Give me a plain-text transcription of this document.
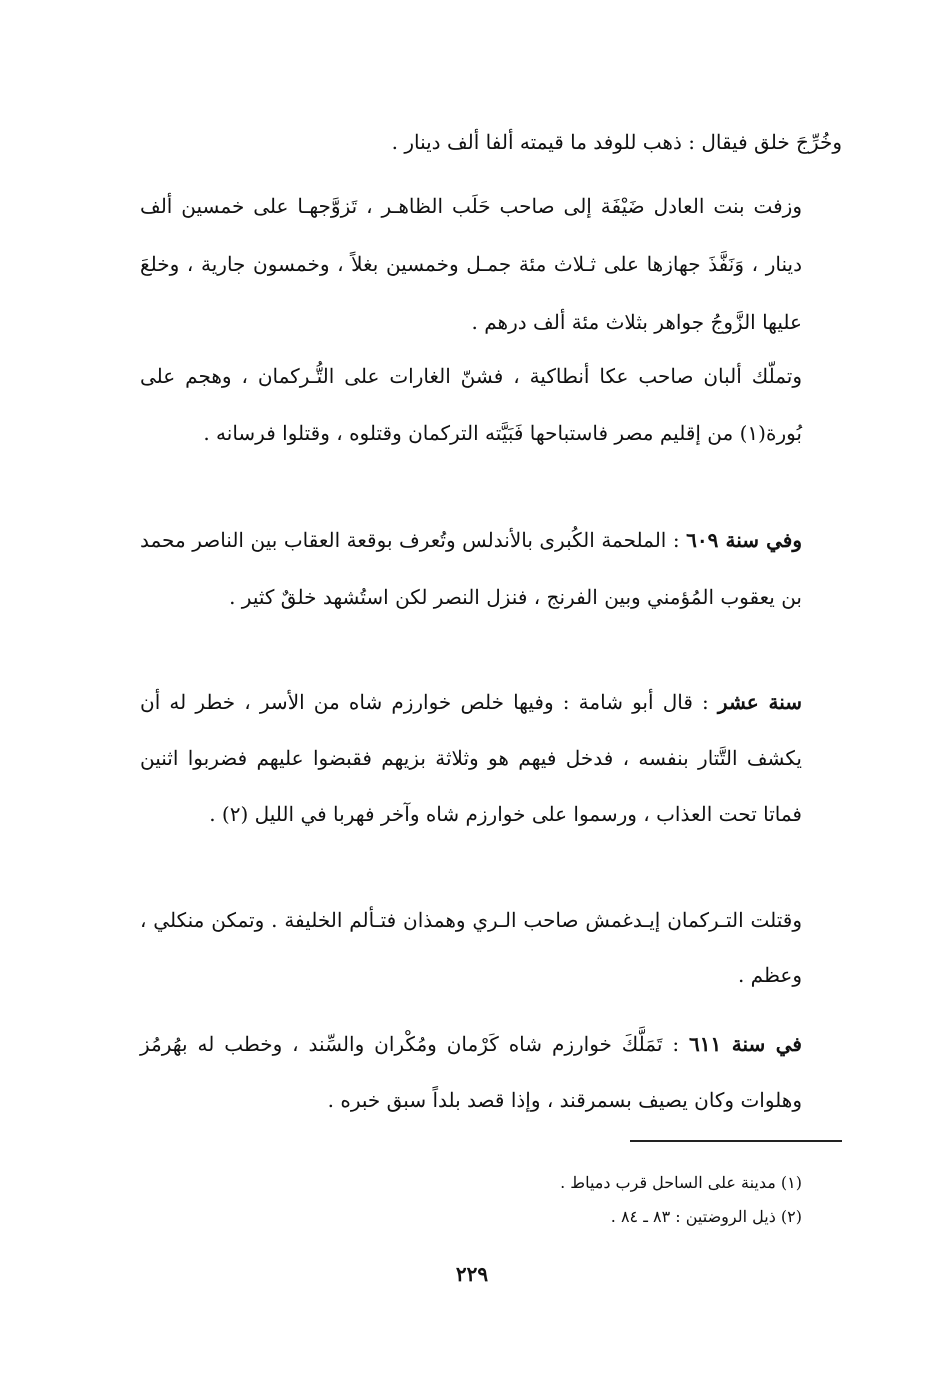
وخُرِّجَ خلق فيقال : ذهب للوفد ما قيمته ألفا ألف دينار .

وزفت بنت العادل ضَيْفَة إلى صاحب حَلَب الظاهـر ، تَزوَّجهـا على خمسين ألف دينار ، وَنَفَّذَ جهازها على ثـلاث مئة جمـل وخمسين بغلاً ، وخمسون جارية ، وخلعَ عليها الزَّوجُ جواهر بثلاث مئة ألف درهم .

وتملّك ألبان صاحب عكا أنطاكية ، فشنّ الغارات على التُّـركمان ، وهجم على بُورة(١) من إقليم مصر فاستباحها فَبَيَّته التركمان وقتلوه ، وقتلوا فرسانه .

وفي سنة ٦٠٩ : الملحمة الكُبرى بالأندلس وتُعرف بوقعة العقاب بين الناصر محمد بن يعقوب المُؤمني وبين الفرنج ، فنزل النصر لكن استُشهد خلقٌ كثير .

سنة عشر : قال أبو شامة : وفيها خلص خوارزم شاه من الأسر ، خطر له أن يكشف التَّتار بنفسه ، فدخل فيهم هو وثلاثة بزيهم فقبضوا عليهم فضربوا اثنين فماتا تحت العذاب ، ورسموا على خوارزم شاه وآخر فهربا في الليل (٢) .

وقتلت التـركمان إيـدغمش صاحب الـري وهمذان فتـألم الخليفة . وتمكن منكلي ، وعظم .

في سنة ٦١١ : تَمَلَّكَ خوارزم شاه كَرْمان ومُكْران والسِّند ، وخطب له بهُرمُز وهلوات وكان يصيف بسمرقند ، وإذا قصد بلداً سبق خبره .

(١) مدينة على الساحل قرب دمياط .
(٢) ذيل الروضتين : ٨٣ ـ ٨٤ .
٢٢٩
